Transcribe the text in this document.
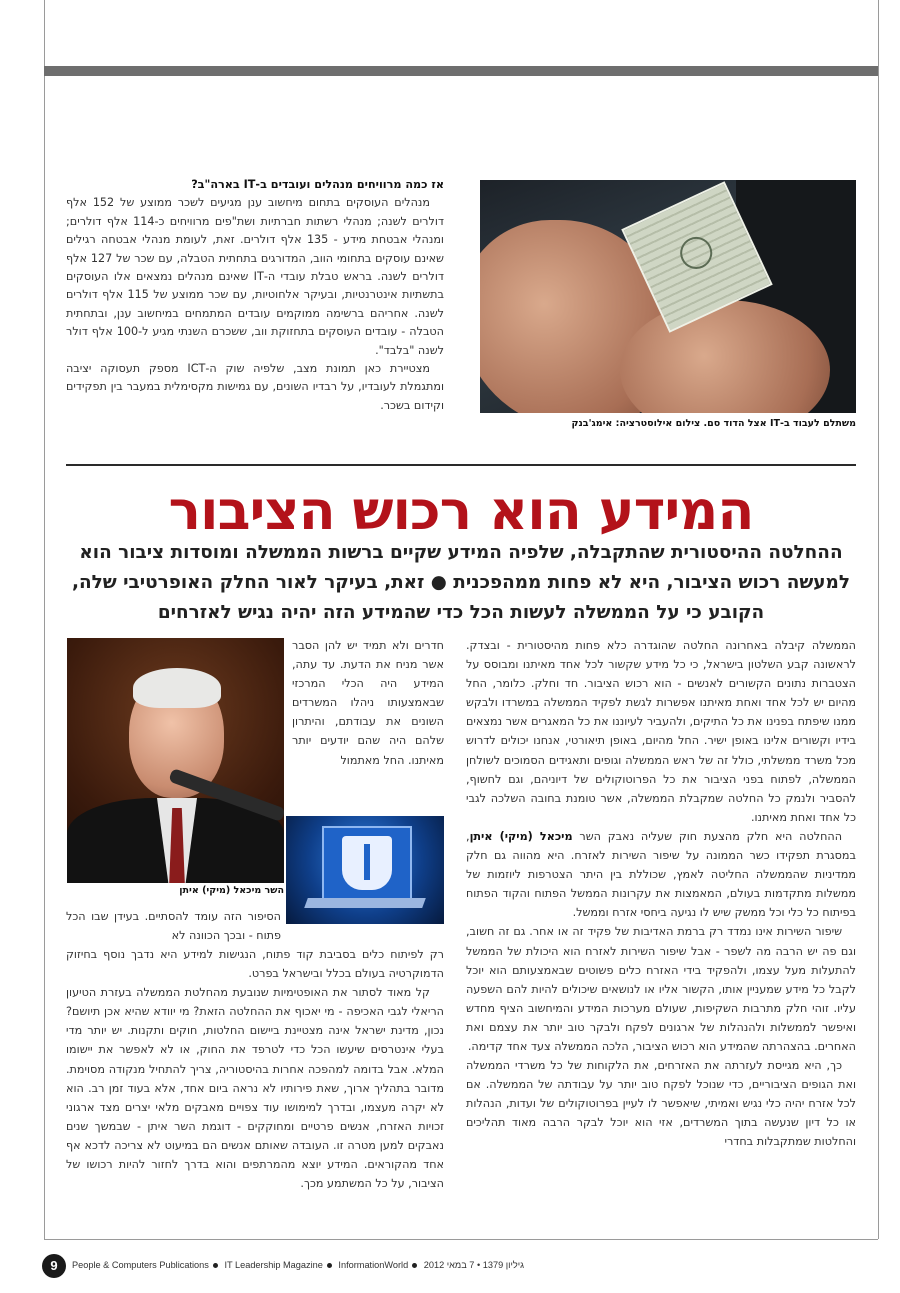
משתלם לעבוד ב-IT אצל הדוד סם. צילום אילוסטרציה: אימג'בנק

אז כמה מרוויחים מנהלים ועובדים ב-IT בארה"ב?

מנהלים העוסקים בתחום מיחשוב ענן מגיעים לשכר ממוצע של 152 אלף דולרים לשנה; מנהלי רשתות חברתיות ושת"פים מרוויחים כ-114 אלף דולרים; ומנהלי אבטחת מידע - 135 אלף דולרים. זאת, לעומת מנהלי אבטחה רגילים שאינם עוסקים בתחומי הווב, המדורגים בתחתית הטבלה, עם שכר של 127 אלף דולרים לשנה. בראש טבלת עובדי ה-IT שאינם מנהלים נמצאים אלו העוסקים בתשתיות אינטרנטיות, ובעיקר אלחוטיות, עם שכר ממוצע של 115 אלף דולרים לשנה. אחריהם ברשימה ממוקמים עובדים המתמחים במיחשוב ענן, ובתחתית הטבלה - עובדים העוסקים בתחזוקת ווב, ששכרם השנתי מגיע ל-100 אלף דולר לשנה "בלבד".

מצטיירת כאן תמונת מצב, שלפיה שוק ה-ICT מספק תעסוקה יציבה ומתגמלת לעובדיו, על רבדיו השונים, עם גמישות מקסימלית במעבר בין תפקידים וקידום בשכר.

המידע הוא רכוש הציבור
ההחלטה ההיסטורית שהתקבלה, שלפיה המידע שקיים ברשות הממשלה ומוסדות ציבור הוא למעשה רכוש הציבור, היא לא פחות ממהפכנית ● זאת, בעיקר לאור החלק האופרטיבי שלה, הקובע כי על הממשלה לעשות הכל כדי שהמידע הזה יהיה נגיש לאזרחים

הממשלה קיבלה באחרונה החלטה שהוגדרה כלא פחות מהיסטורית - ובצדק. לראשונה קבע השלטון בישראל, כי כל מידע שקשור לכל אחד מאיתנו ומבוסס על הצטברות נתונים הקשורים לאנשים - הוא רכוש הציבור. חד וחלק. כלומר, החל מהיום יש לכל אחד ואחת מאיתנו אפשרות לגשת לפקיד הממשלה במשרדו ולבקש ממנו שיפתח בפנינו את כל התיקים, ולהעביר לעיוננו את כל המאגרים אשר נמצאים בידיו וקשורים אלינו באופן ישיר. החל מהיום, באופן תיאורטי, אנחנו יכולים לדרוש מכל משרד ממשלתי, כולל זה של ראש הממשלה וגופים ותאגידים הסמוכים לשולחן הממשלה, לפתוח בפני הציבור את כל הפרוטוקולים של דיוניהם, וגם לחשוף, להסביר ולנמק כל החלטה שמקבלת הממשלה, אשר טומנת בחובה השלכה לגבי כל אחד ואחת מאיתנו.

ההחלטה היא חלק מהצעת חוק שעליה נאבק השר מיכאל (מיקי) איתן, במסגרת תפקידו כשר הממונה על שיפור השירות לאזרח. היא מהווה גם חלק ממדיניות שהממשלה החליטה לאמץ, שכוללת בין היתר הצטרפות ליוזמות של ממשלות מתקדמות בעולם, המאמצות את עקרונות הממשל הפתוח והקוד הפתוח בפיתוח כל כלי וכל ממשק שיש לו נגיעה ביחסי אזרח וממשל.

שיפור השירות אינו נמדד רק ברמת האדיבות של פקיד זה או אחר. גם זה חשוב, וגם פה יש הרבה מה לשפר - אבל שיפור השירות לאזרח הוא היכולת של הממשל להתעלות מעל עצמו, ולהפקיד בידי האזרח כלים פשוטים שבאמצעותם הוא יוכל לקבל כל מידע שמעניין אותו, הקשור אליו או לנושאים שיכולים להיות להם השפעה עליו. זוהי חלק מתרבות השקיפות, שעולם מערכות המידע והמיחשוב הציף מחדש ואיפשר לממשלות ולהנהלות של ארגונים לפקח ולבקר טוב יותר את עצמם ואת האחרים. בהצהרתה שהמידע הוא רכוש הציבור, הלכה הממשלה צעד אחד קדימה.

כך, היא מגייסת לעזרתה את האזרחים, את הלקוחות של כל משרדי הממשלה ואת הגופים הציבוריים, כדי שנוכל לפקח טוב יותר על עבודתה של הממשלה. אם לכל אזרח יהיה כלי נגיש ואמיתי, שיאפשר לו לעיין בפרוטוקולים של ועדות, הנהלות או כל דיון שנעשה בתוך המשרדים, אזי הוא יוכל לבקר הרבה מאוד תהליכים והחלטות שמתקבלות בחדרי

חדרים ולא תמיד יש להן הסבר אשר מניח את הדעת. עד עתה, המידע היה הכלי המרכזי שבאמצעותו ניהלו המשרדים השונים את עבודתם, והיתרון שלהם היה שהם יודעים יותר מאיתנו. החל מאתמול
השר מיכאל (מיקי) איתן
הסיפור הזה עומד להסתיים. בעידן שבו הכל פתוח - ובכך הכוונה לא

רק לפיתוח כלים בסביבת קוד פתוח, הנגישות למידע היא נדבך נוסף בחיזוק הדמוקרטיה בעולם בכלל ובישראל בפרט.

קל מאוד לסתור את האופטימיות שנובעת מהחלטת הממשלה בעזרת הטיעון הריאלי לגבי האכיפה - מי יאכוף את ההחלטה הזאת? מי יוודא שהיא אכן תיושם? נכון, מדינת ישראל אינה מצטיינת ביישום החלטות, חוקים ותקנות. יש יותר מדי בעלי אינטרסים שיעשו הכל כדי לטרפד את החוק, או לא לאפשר את יישומו המלא. אבל בדומה למהפכה אחרות בהיסטוריה, צריך להתחיל מנקודה מסוימת. מדובר בתהליך ארוך, שאת פירותיו לא נראה ביום אחד, אלא בעוד זמן רב. הוא לא יקרה מעצמו, ובדרך למימושו עוד צפויים מאבקים מלאי יצרים מצד ארגוני זכויות האזרח, אנשים פרטיים ומחוקקים - דוגמת השר איתן - שבמשך שנים נאבקים למען מטרה זו. העובדה שאותם אנשים הם במיעוט לא צריכה לדכא אף אחד מהקוראים. המידע יוצא מהמרתפים והוא בדרך לחזור להיות רכושו של הציבור, על כל המשתמע מכך.

9	People & Computers Publications IT Leadership Magazine InformationWorld גיליון 1379 • 7 במאי 2012
